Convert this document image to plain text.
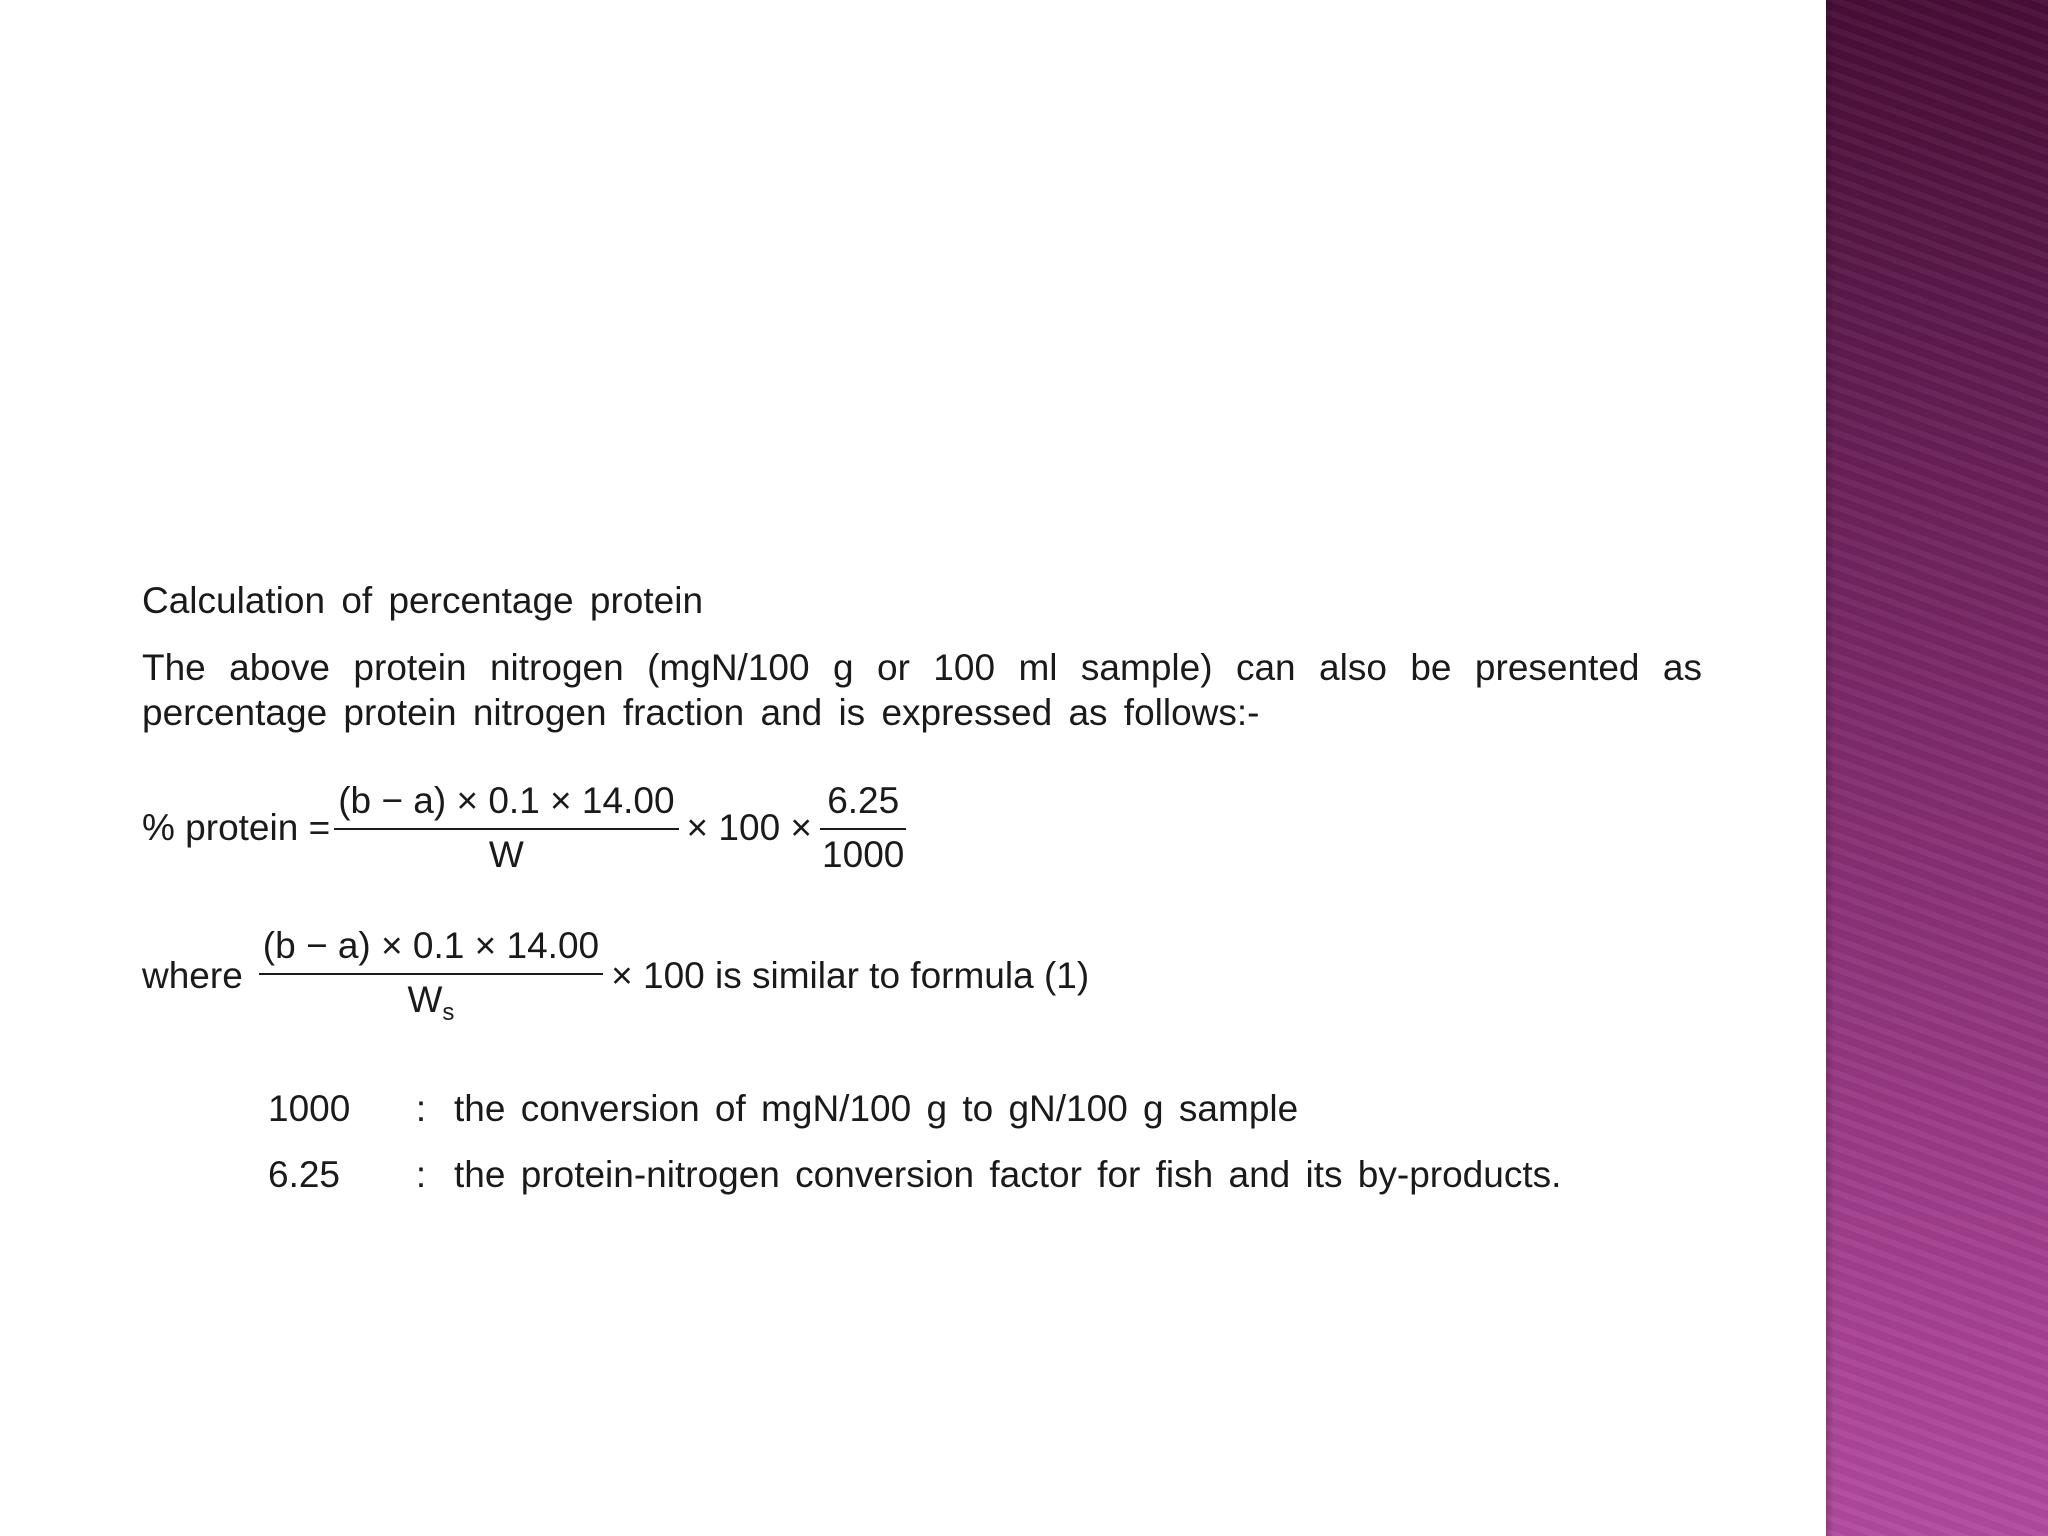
Calculation of percentage protein

The above protein nitrogen (mgN/100 g or 100 ml sample) can also be presented as percentage protein nitrogen fraction and is expressed as follows:-

% protein = $\frac{(b - a) \times 0.1 \times 14.00}{W} \times 100 \times \frac{6.25}{1000}$
where $\frac{(b - a) \times 0.1 \times 14.00}{W_s} \times 100$ is similar to formula (1)
1000	: the conversion of mgN/100 g to gN/100 g sample
6.25	: the protein-nitrogen conversion factor for fish and its by-products.
